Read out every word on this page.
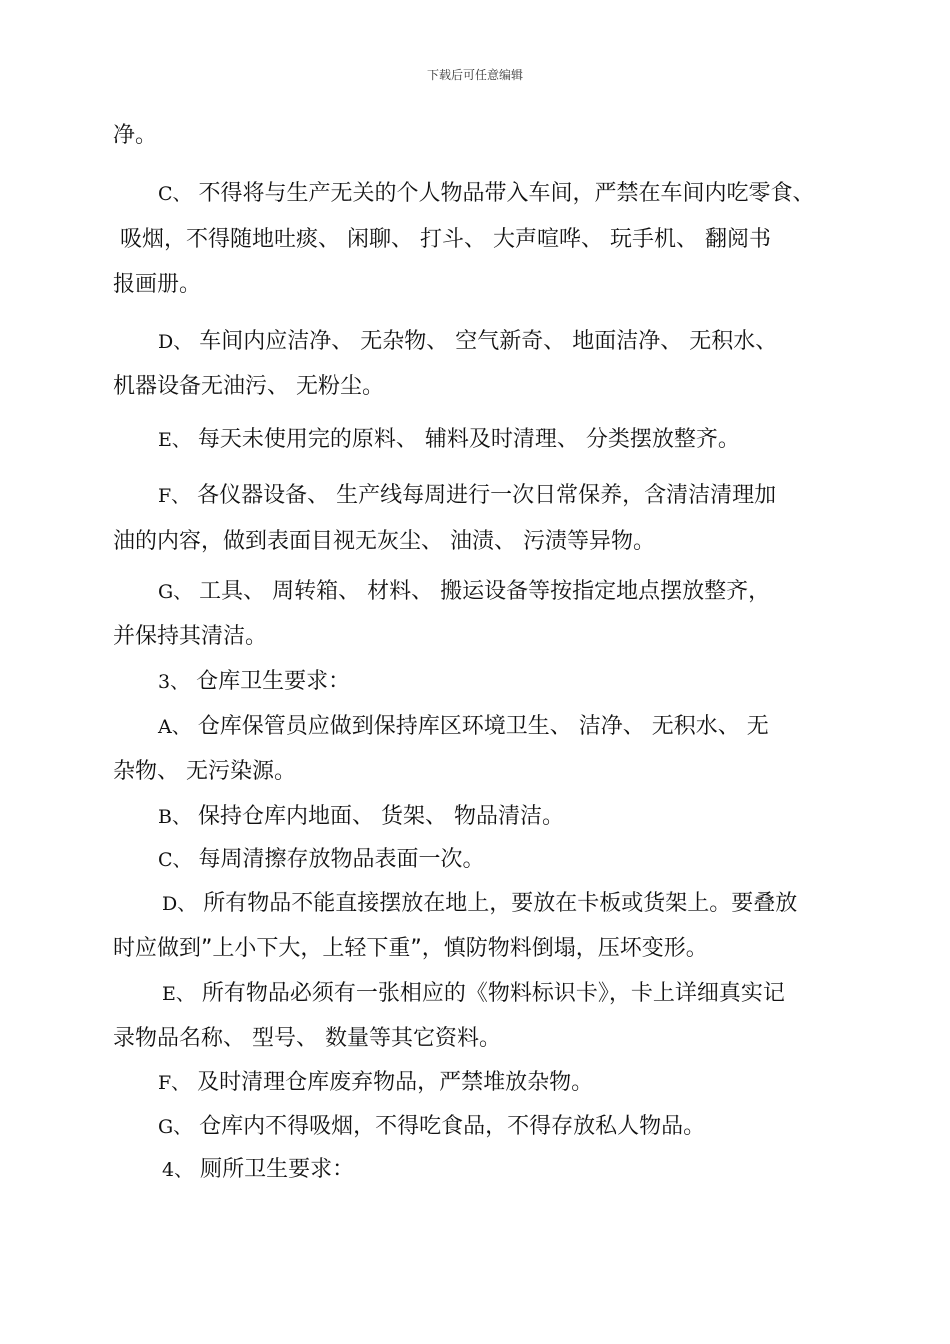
下载后可任意编辑
净。
C、 不得将与生产无关的个人物品带入车间，严禁在车间内吃零食、
吸烟，不得随地吐痰、 闲聊、 打斗、 大声喧哗、 玩手机、 翻阅书
报画册。
D、 车间内应洁净、 无杂物、 空气新奇、 地面洁净、 无积水、
机器设备无油污、 无粉尘。
E、 每天未使用完的原料、 辅料及时清理、 分类摆放整齐。
F、 各仪器设备、 生产线每周进行一次日常保养，含清洁清理加
油的内容，做到表面目视无灰尘、 油渍、 污渍等异物。
G、 工具、 周转箱、 材料、 搬运设备等按指定地点摆放整齐，
并保持其清洁。
3、 仓库卫生要求：
A、 仓库保管员应做到保持库区环境卫生、 洁净、 无积水、 无
杂物、 无污染源。
B、 保持仓库内地面、 货架、 物品清洁。
C、 每周清擦存放物品表面一次。
D、 所有物品不能直接摆放在地上，要放在卡板或货架上。要叠放
时应做到”上小下大，上轻下重”，慎防物料倒塌，压坏变形。
E、 所有物品必须有一张相应的《物料标识卡》，卡上详细真实记
录物品名称、 型号、 数量等其它资料。
F、 及时清理仓库废弃物品，严禁堆放杂物。
G、 仓库内不得吸烟，不得吃食品，不得存放私人物品。
4、 厕所卫生要求：
